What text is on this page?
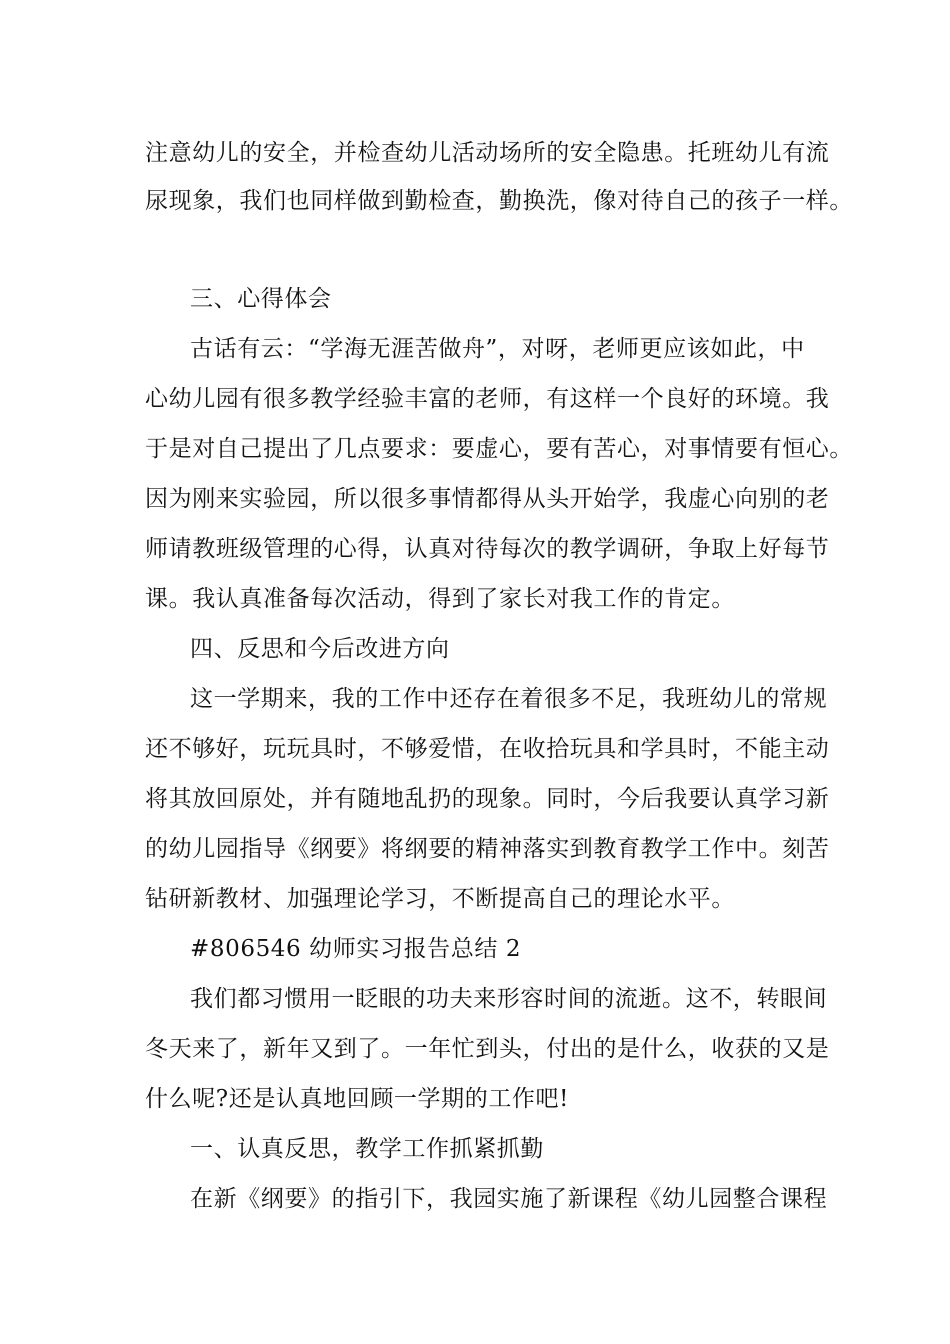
注意幼儿的安全，并检查幼儿活动场所的安全隐患。托班幼儿有流
尿现象，我们也同样做到勤检查，勤换洗，像对待自己的孩子一样。
三、心得体会
古话有云：“学海无涯苦做舟”，对呀，老师更应该如此，中
心幼儿园有很多教学经验丰富的老师，有这样一个良好的环境。我
于是对自己提出了几点要求：要虚心，要有苦心，对事情要有恒心。
因为刚来实验园，所以很多事情都得从头开始学，我虚心向别的老
师请教班级管理的心得，认真对待每次的教学调研，争取上好每节
课。我认真准备每次活动，得到了家长对我工作的肯定。
四、反思和今后改进方向
这一学期来，我的工作中还存在着很多不足，我班幼儿的常规
还不够好，玩玩具时，不够爱惜，在收拾玩具和学具时，不能主动
将其放回原处，并有随地乱扔的现象。同时，今后我要认真学习新
的幼儿园指导《纲要》将纲要的精神落实到教育教学工作中。刻苦
钻研新教材、加强理论学习，不断提高自己的理论水平。
#806546 幼师实习报告总结 2
我们都习惯用一眨眼的功夫来形容时间的流逝。这不，转眼间
冬天来了，新年又到了。一年忙到头，付出的是什么，收获的又是
什么呢?还是认真地回顾一学期的工作吧!
一、认真反思，教学工作抓紧抓勤
在新《纲要》的指引下，我园实施了新课程《幼儿园整合课程
